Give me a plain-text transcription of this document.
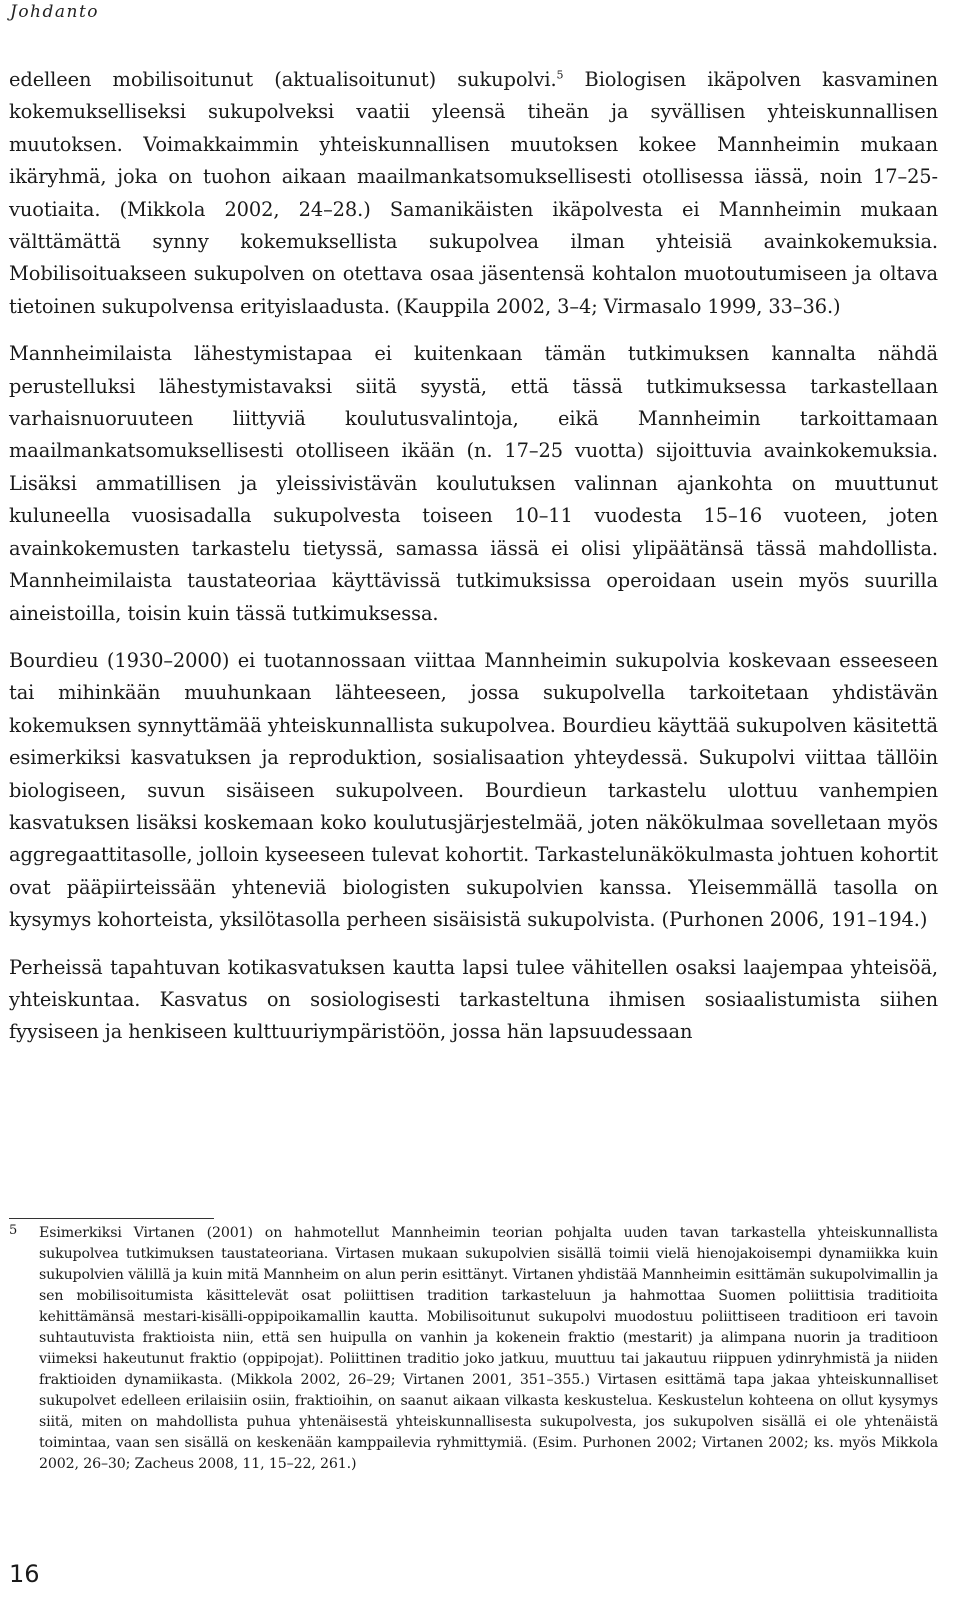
Johdanto

edelleen mobilisoitunut (aktualisoitunut) sukupolvi.$^5$ Biologisen ikäpolven kasvaminen kokemukselliseksi sukupolveksi vaatii yleensä tiheän ja syvällisen yhteiskunnallisen muutoksen. Voimakkaimmin yhteiskunnallisen muutoksen kokee Mannheimin mukaan ikäryhmä, joka on tuohon aikaan maailmankatsomuksellisesti otollisessa iässä, noin 17–25-vuotiaita. (Mikkola 2002, 24–28.) Samanikäisten ikäpolvesta ei Mannheimin mukaan välttämättä synny kokemuksellista sukupolvea ilman yhteisiä avainkokemuksia. Mobilisoituakseen sukupolven on otettava osaa jäsentensä kohtalon muotoutumiseen ja oltava tietoinen sukupolvensa erityislaadusta. (Kauppila 2002, 3–4; Virmasalo 1999, 33–36.)

Mannheimilaista lähestymistapaa ei kuitenkaan tämän tutkimuksen kannalta nähdä perustelluksi lähestymistavaksi siitä syystä, että tässä tutkimuksessa tarkastellaan varhaisnuoruuteen liittyviä koulutusvalintoja, eikä Mannheimin tarkoittamaan maailmankatsomuksellisesti otolliseen ikään (n. 17–25 vuotta) sijoittuvia avainkokemuksia. Lisäksi ammatillisen ja yleissivistävän koulutuksen valinnan ajankohta on muuttunut kuluneella vuosisadalla sukupolvesta toiseen 10–11 vuodesta 15–16 vuoteen, joten avainkokemusten tarkastelu tietyssä, samassa iässä ei olisi ylipäätänsä tässä mahdollista. Mannheimilaista taustateoriaa käyttävissä tutkimuksissa operoidaan usein myös suurilla aineistoilla, toisin kuin tässä tutkimuksessa.

Bourdieu (1930–2000) ei tuotannossaan viittaa Mannheimin sukupolvia koskevaan esseeseen tai mihinkään muuhunkaan lähteeseen, jossa sukupolvella tarkoitetaan yhdistävän kokemuksen synnyttämää yhteiskunnallista sukupolvea. Bourdieu käyttää sukupolven käsitettä esimerkiksi kasvatuksen ja reproduktion, sosialisaation yhteydessä. Sukupolvi viittaa tällöin biologiseen, suvun sisäiseen sukupolveen. Bourdieun tarkastelu ulottuu vanhempien kasvatuksen lisäksi koskemaan koko koulutusjärjestelmää, joten näkökulmaa sovelletaan myös aggregaattitasolle, jolloin kyseeseen tulevat kohortit. Tarkastelunäkökulmasta johtuen kohortit ovat pääpiirteissään yhteneviä biologisten sukupolvien kanssa. Yleisemmällä tasolla on kysymys kohorteista, yksilötasolla perheen sisäisistä sukupolvista. (Purhonen 2006, 191–194.)

Perheissä tapahtuvan kotikasvatuksen kautta lapsi tulee vähitellen osaksi laajempaa yhteisöä, yhteiskuntaa. Kasvatus on sosiologisesti tarkasteltuna ihmisen sosiaalistumista siihen fyysiseen ja henkiseen kulttuuriympäristöön, jossa hän lapsuudessaan

5 Esimerkiksi Virtanen (2001) on hahmotellut Mannheimin teorian pohjalta uuden tavan tarkastella yhteiskunnallista sukupolvea tutkimuksen taustateoriana. Virtasen mukaan sukupolvien sisällä toimii vielä hienojakoisempi dynamiikka kuin sukupolvien välillä ja kuin mitä Mannheim on alun perin esittänyt. Virtanen yhdistää Mannheimin esittämän sukupolvimallin ja sen mobilisoitumista käsittelevät osat poliittisen tradition tarkasteluun ja hahmottaa Suomen poliittisia traditioita kehittämänsä mestari-kisälli-oppipoikamallin kautta. Mobilisoitunut sukupolvi muodostuu poliittiseen traditioon eri tavoin suhtautuvista fraktioista niin, että sen huipulla on vanhin ja kokenein fraktio (mestarit) ja alimpana nuorin ja traditioon viimeksi hakeutunut fraktio (oppipojat). Poliittinen traditio joko jatkuu, muuttuu tai jakautuu riippuen ydinryhmistä ja niiden fraktioiden dynamiikasta. (Mikkola 2002, 26–29; Virtanen 2001, 351–355.) Virtasen esittämä tapa jakaa yhteiskunnalliset sukupolvet edelleen erilaisiin osiin, fraktioihin, on saanut aikaan vilkasta keskustelua. Keskustelun kohteena on ollut kysymys siitä, miten on mahdollista puhua yhtenäisestä yhteiskunnallisesta sukupolvesta, jos sukupolven sisällä ei ole yhtenäistä toimintaa, vaan sen sisällä on keskenään kamppailevia ryhmittymiä. (Esim. Purhonen 2002; Virtanen 2002; ks. myös Mikkola 2002, 26–30; Zacheus 2008, 11, 15–22, 261.)

16
